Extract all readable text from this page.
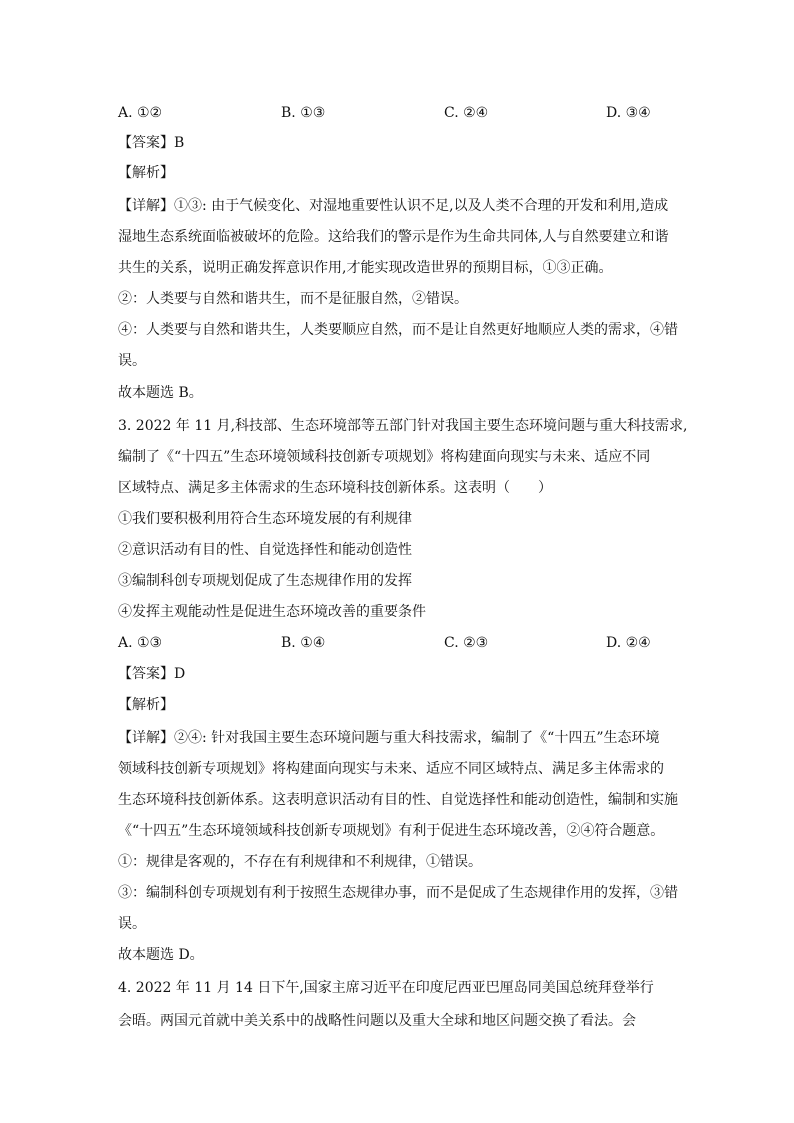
A. ①②	B. ①③	C. ②④	D. ③④
【答案】B
【解析】
【详解】①③: 由于气候变化、对湿地重要性认识不足,以及人类不合理的开发和利用,造成
湿地生态系统面临被破坏的危险。这给我们的警示是作为生命共同体,人与自然要建立和谐
共生的关系，说明正确发挥意识作用,才能实现改造世界的预期目标，①③正确。
②：人类要与自然和谐共生，而不是征服自然，②错误。
④：人类要与自然和谐共生，人类要顺应自然，而不是让自然更好地顺应人类的需求，④错
误。
故本题选 B。
3. 2022 年 11 月,科技部、生态环境部等五部门针对我国主要生态环境问题与重大科技需求,
编制了《“十四五”生态环境领域科技创新专项规划》将构建面向现实与未来、适应不同
区域特点、满足多主体需求的生态环境科技创新体系。这表明（　　）
①我们要积极利用符合生态环境发展的有利规律
②意识活动有目的性、自觉选择性和能动创造性
③编制科创专项规划促成了生态规律作用的发挥
④发挥主观能动性是促进生态环境改善的重要条件
A. ①③	B. ①④	C. ②③	D. ②④
【答案】D
【解析】
【详解】②④: 针对我国主要生态环境问题与重大科技需求，编制了《“十四五”生态环境
领域科技创新专项规划》将构建面向现实与未来、适应不同区域特点、满足多主体需求的
生态环境科技创新体系。这表明意识活动有目的性、自觉选择性和能动创造性，编制和实施
《“十四五”生态环境领域科技创新专项规划》有利于促进生态环境改善，②④符合题意。
①：规律是客观的，不存在有利规律和不利规律，①错误。
③：编制科创专项规划有利于按照生态规律办事，而不是促成了生态规律作用的发挥，③错
误。
故本题选 D。
4. 2022 年 11 月 14 日下午,国家主席习近平在印度尼西亚巴厘岛同美国总统拜登举行
会晤。两国元首就中美关系中的战略性问题以及重大全球和地区问题交换了看法。会
